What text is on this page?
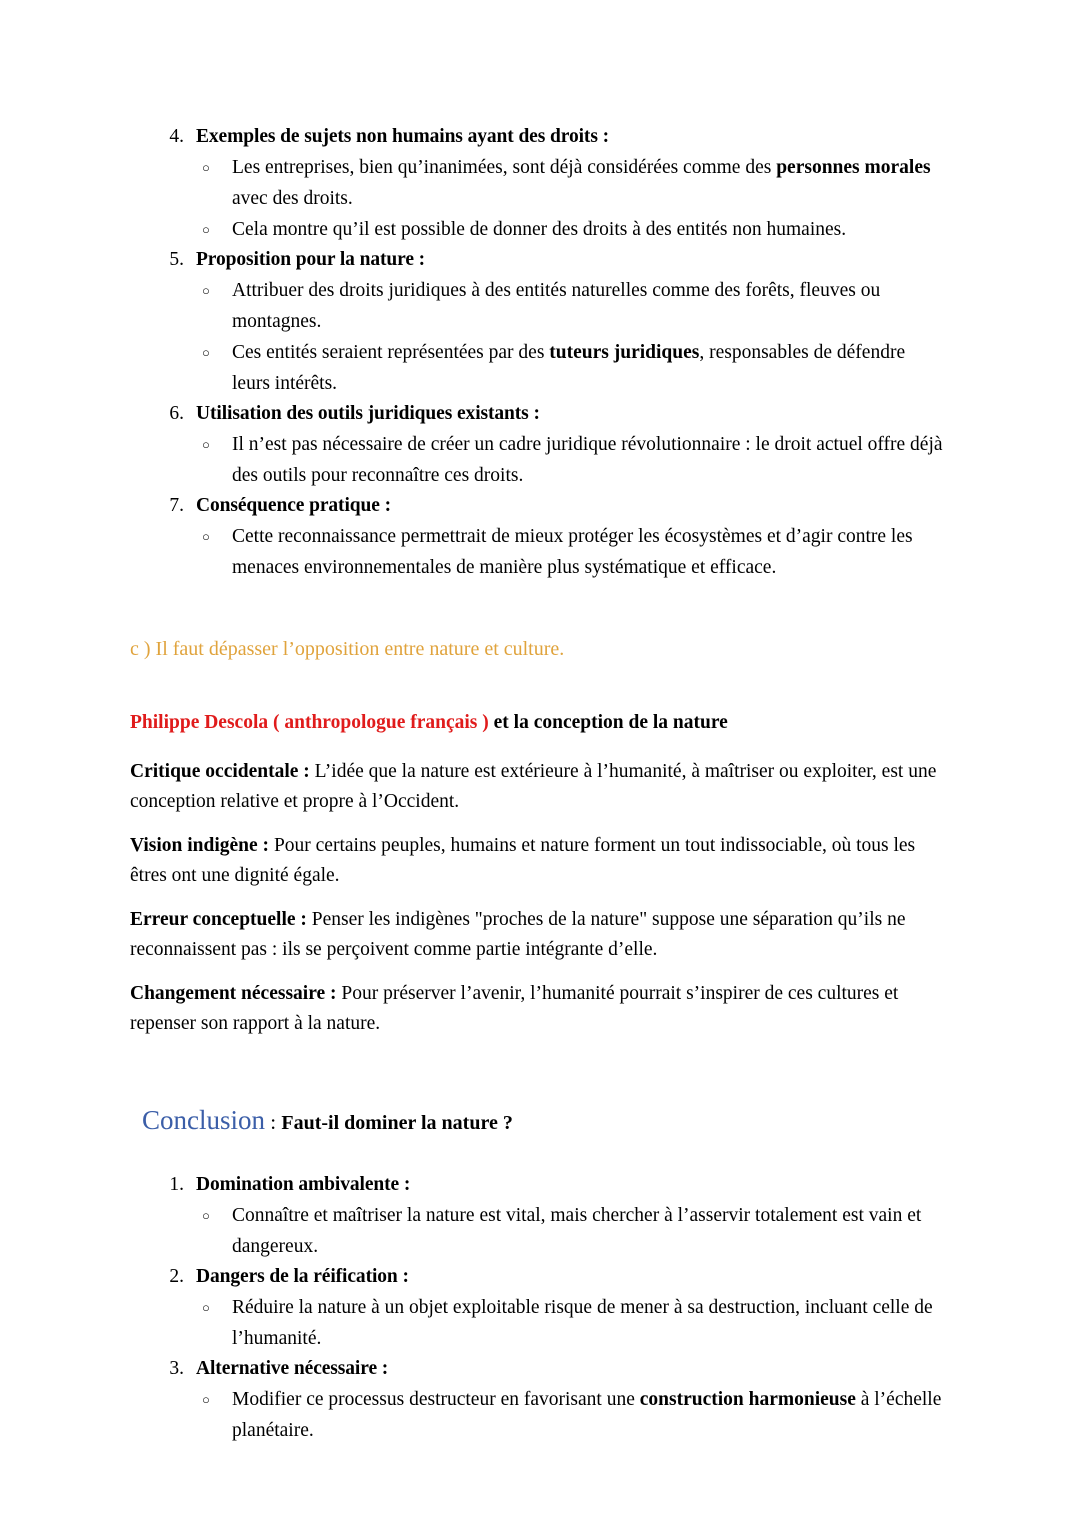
4. Exemples de sujets non humains ayant des droits :
○ Les entreprises, bien qu’inanimées, sont déjà considérées comme des personnes morales avec des droits.
○ Cela montre qu’il est possible de donner des droits à des entités non humaines.
5. Proposition pour la nature :
○ Attribuer des droits juridiques à des entités naturelles comme des forêts, fleuves ou montagnes.
○ Ces entités seraient représentées par des tuteurs juridiques, responsables de défendre leurs intérêts.
6. Utilisation des outils juridiques existants :
○ Il n’est pas nécessaire de créer un cadre juridique révolutionnaire : le droit actuel offre déjà des outils pour reconnaître ces droits.
7. Conséquence pratique :
○ Cette reconnaissance permettrait de mieux protéger les écosystèmes et d’agir contre les menaces environnementales de manière plus systématique et efficace.

c ) Il faut dépasser l’opposition entre nature et culture.

Philippe Descola ( anthropologue français ) et la conception de la nature

Critique occidentale : L’idée que la nature est extérieure à l’humanité, à maîtriser ou exploiter, est une conception relative et propre à l’Occident.

Vision indigène : Pour certains peuples, humains et nature forment un tout indissociable, où tous les êtres ont une dignité égale.

Erreur conceptuelle : Penser les indigènes "proches de la nature" suppose une séparation qu’ils ne reconnaissent pas : ils se perçoivent comme partie intégrante d’elle.

Changement nécessaire : Pour préserver l’avenir, l’humanité pourrait s’inspirer de ces cultures et repenser son rapport à la nature.

Conclusion : Faut-il dominer la nature ?

1. Domination ambivalente :
○ Connaître et maîtriser la nature est vital, mais chercher à l’asservir totalement est vain et dangereux.
2. Dangers de la réification :
○ Réduire la nature à un objet exploitable risque de mener à sa destruction, incluant celle de l’humanité.
3. Alternative nécessaire :
○ Modifier ce processus destructeur en favorisant une construction harmonieuse à l’échelle planétaire.
